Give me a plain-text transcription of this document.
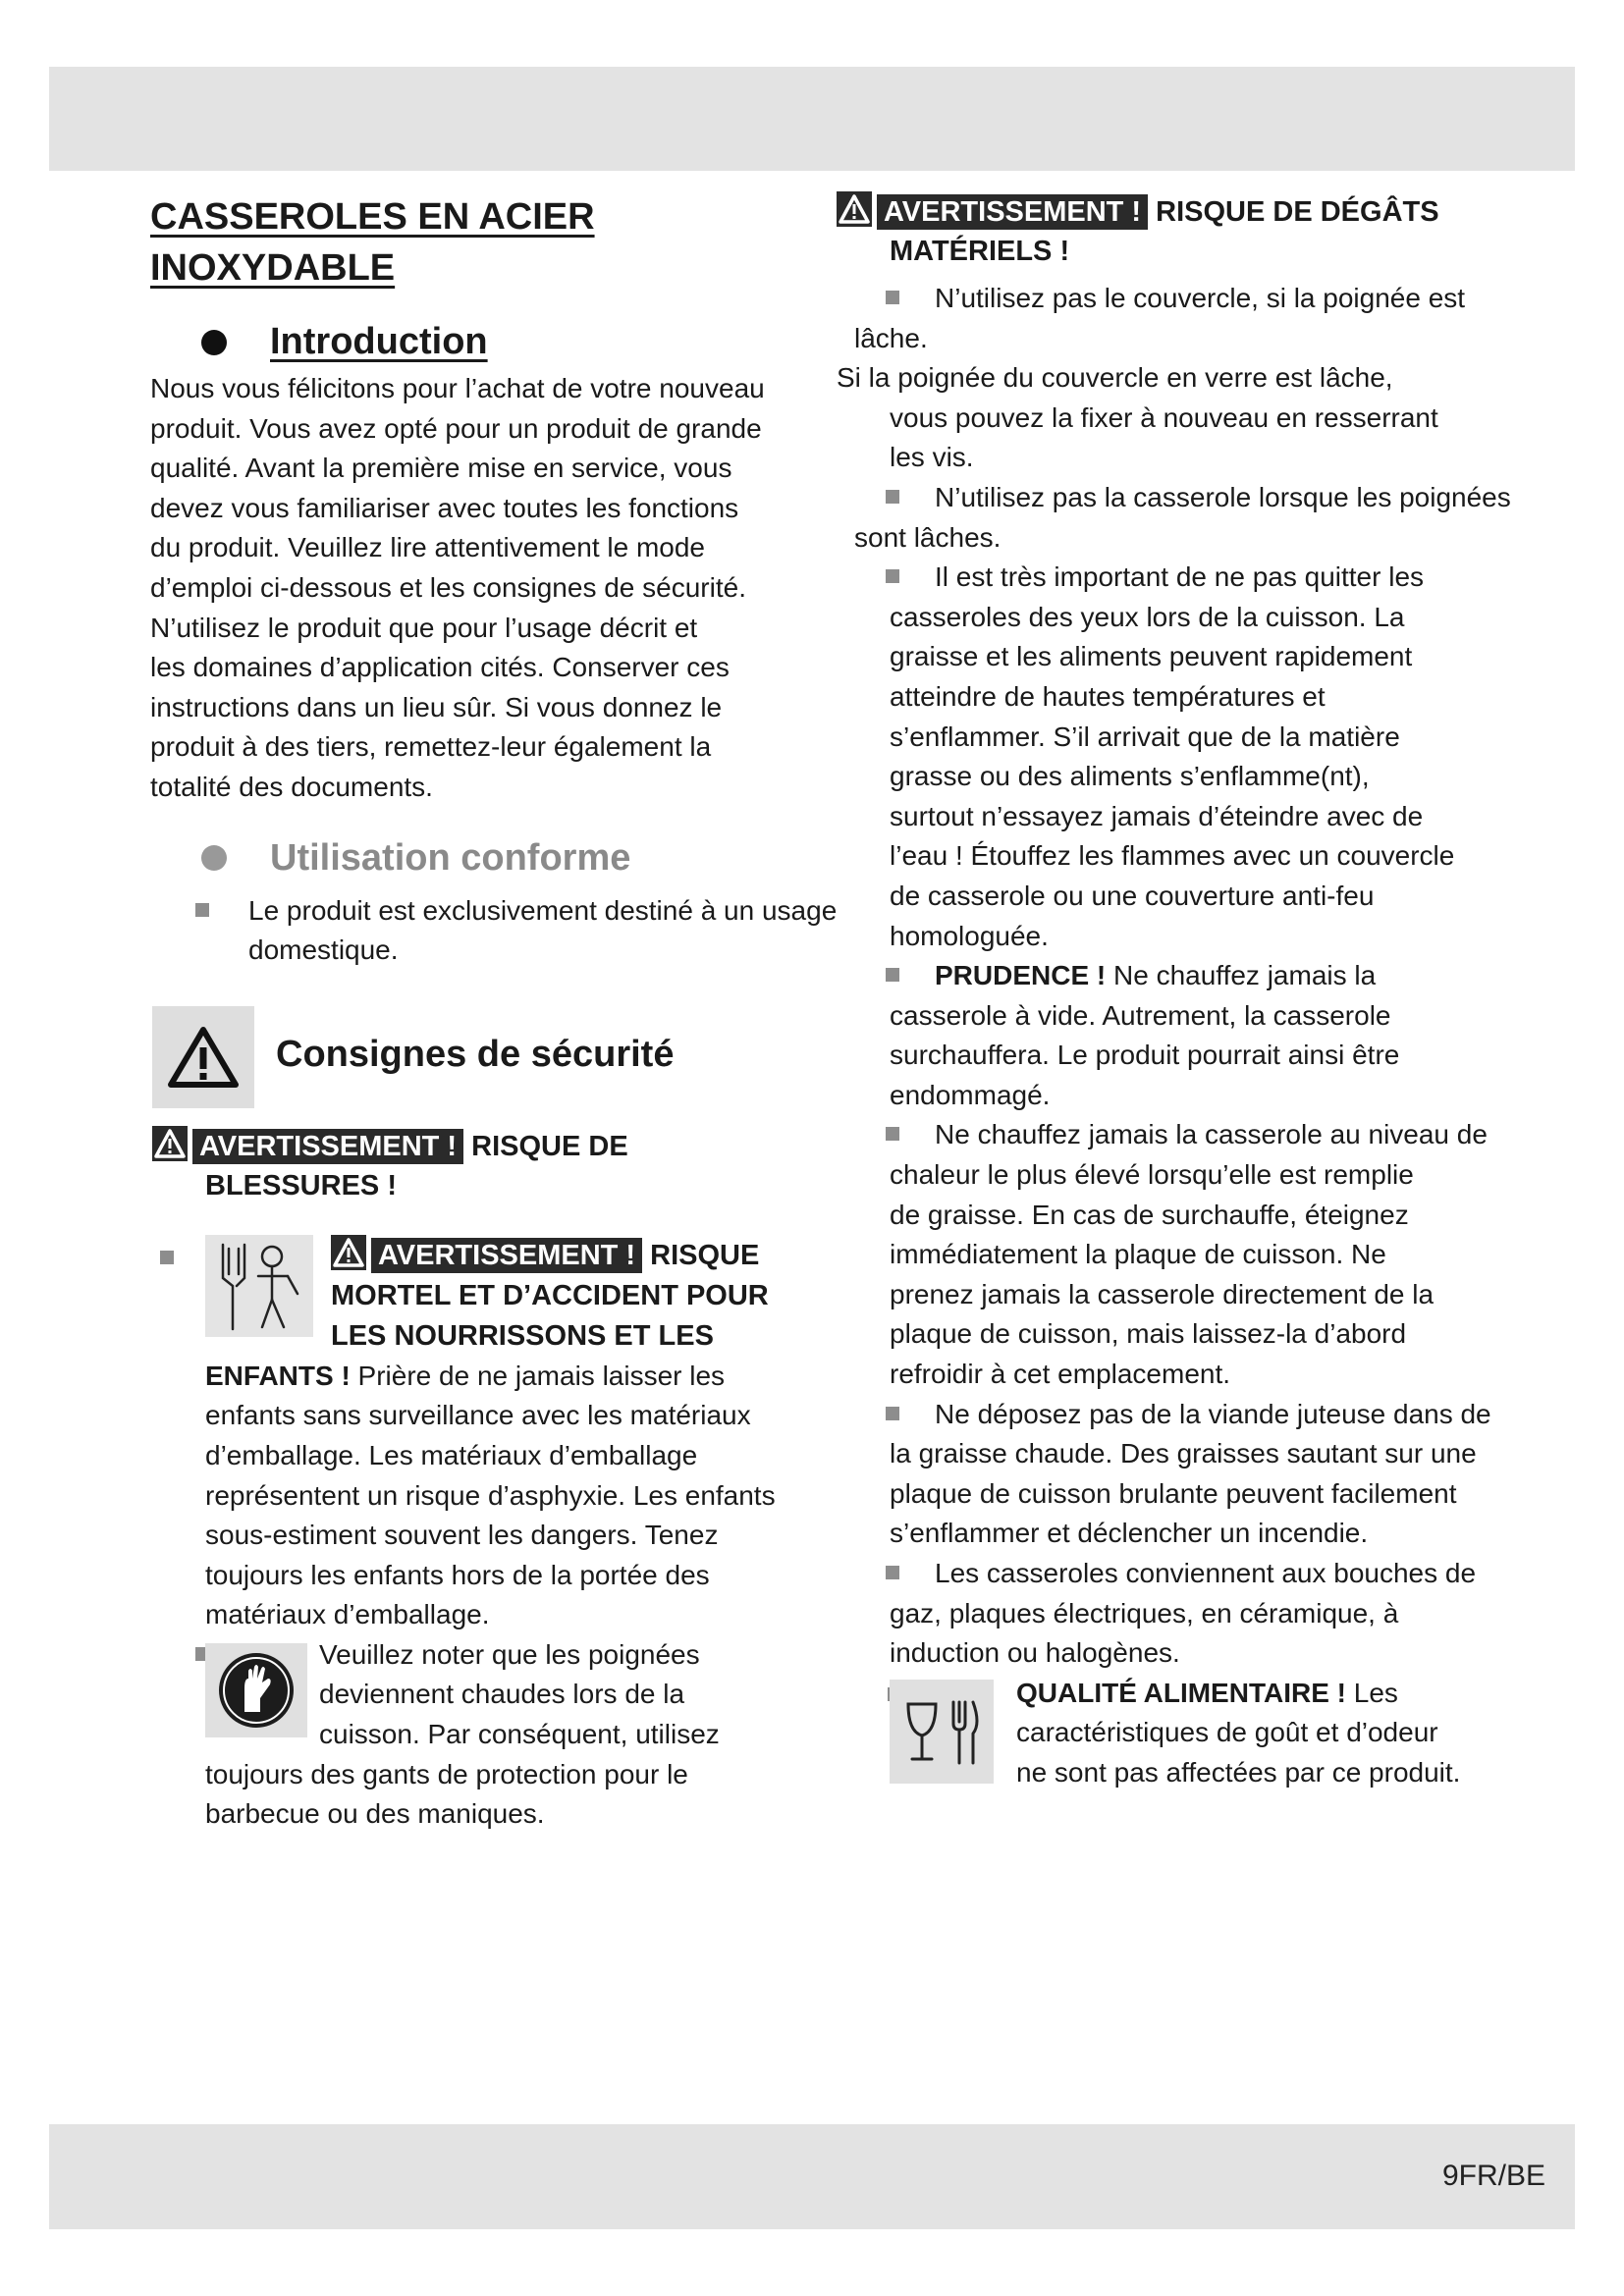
CASSEROLES EN ACIER
INOXYDABLE
Introduction
Nous vous félicitons pour l’achat de votre nouveau
produit. Vous avez opté pour un produit de grande
qualité. Avant la première mise en service, vous
devez vous familiariser avec toutes les fonctions
du produit. Veuillez lire attentivement le mode
d’emploi ci-dessous et les consignes de sécurité.
N’utilisez le produit que pour l’usage décrit et
les domaines d’application cités. Conserver ces
instructions dans un lieu sûr. Si vous donnez le
produit à des tiers, remettez-leur également la
totalité des documents.
Utilisation conforme
Le produit est exclusivement destiné à un usage
domestique.
Consignes de sécurité
AVERTISSEMENT ! RISQUE DE
BLESSURES !
AVERTISSEMENT ! RISQUE
MORTEL ET D’ACCIDENT POUR
LES NOURRISSONS ET LES
ENFANTS ! Prière de ne jamais laisser les
enfants sans surveillance avec les matériaux
d’emballage. Les matériaux d’emballage
représentent un risque d’asphyxie. Les enfants
sous-estiment souvent les dangers. Tenez
toujours les enfants hors de la portée des
matériaux d’emballage.
Veuillez noter que les poignées
deviennent chaudes lors de la
cuisson. Par conséquent, utilisez
toujours des gants de protection pour le
barbecue ou des maniques.
AVERTISSEMENT ! RISQUE DE DÉGÂTS
MATÉRIELS !
N’utilisez pas le couvercle, si la poignée est
lâche.
Si la poignée du couvercle en verre est lâche,
vous pouvez la fixer à nouveau en resserrant
les vis.
N’utilisez pas la casserole lorsque les poignées
sont lâches.
Il est très important de ne pas quitter les
casseroles des yeux lors de la cuisson. La
graisse et les aliments peuvent rapidement
atteindre de hautes températures et
s’enflammer. S’il arrivait que de la matière
grasse ou des aliments s’enflamme(nt),
surtout n’essayez jamais d’éteindre avec de
l’eau ! Étouffez les flammes avec un couvercle
de casserole ou une couverture anti-feu
homologuée.
PRUDENCE ! Ne chauffez jamais la
casserole à vide. Autrement, la casserole
surchauffera. Le produit pourrait ainsi être
endommagé.
Ne chauffez jamais la casserole au niveau de
chaleur le plus élevé lorsqu’elle est remplie
de graisse. En cas de surchauffe, éteignez
immédiatement la plaque de cuisson. Ne
prenez jamais la casserole directement de la
plaque de cuisson, mais laissez-la d’abord
refroidir à cet emplacement.
Ne déposez pas de la viande juteuse dans de
la graisse chaude. Des graisses sautant sur une
plaque de cuisson brulante peuvent facilement
s’enflammer et déclencher un incendie.
Les casseroles conviennent aux bouches de
gaz, plaques électriques, en céramique, à
induction ou halogènes.
QUALITÉ ALIMENTAIRE ! Les
caractéristiques de goût et d’odeur
ne sont pas affectées par ce produit.
9FR/BE
